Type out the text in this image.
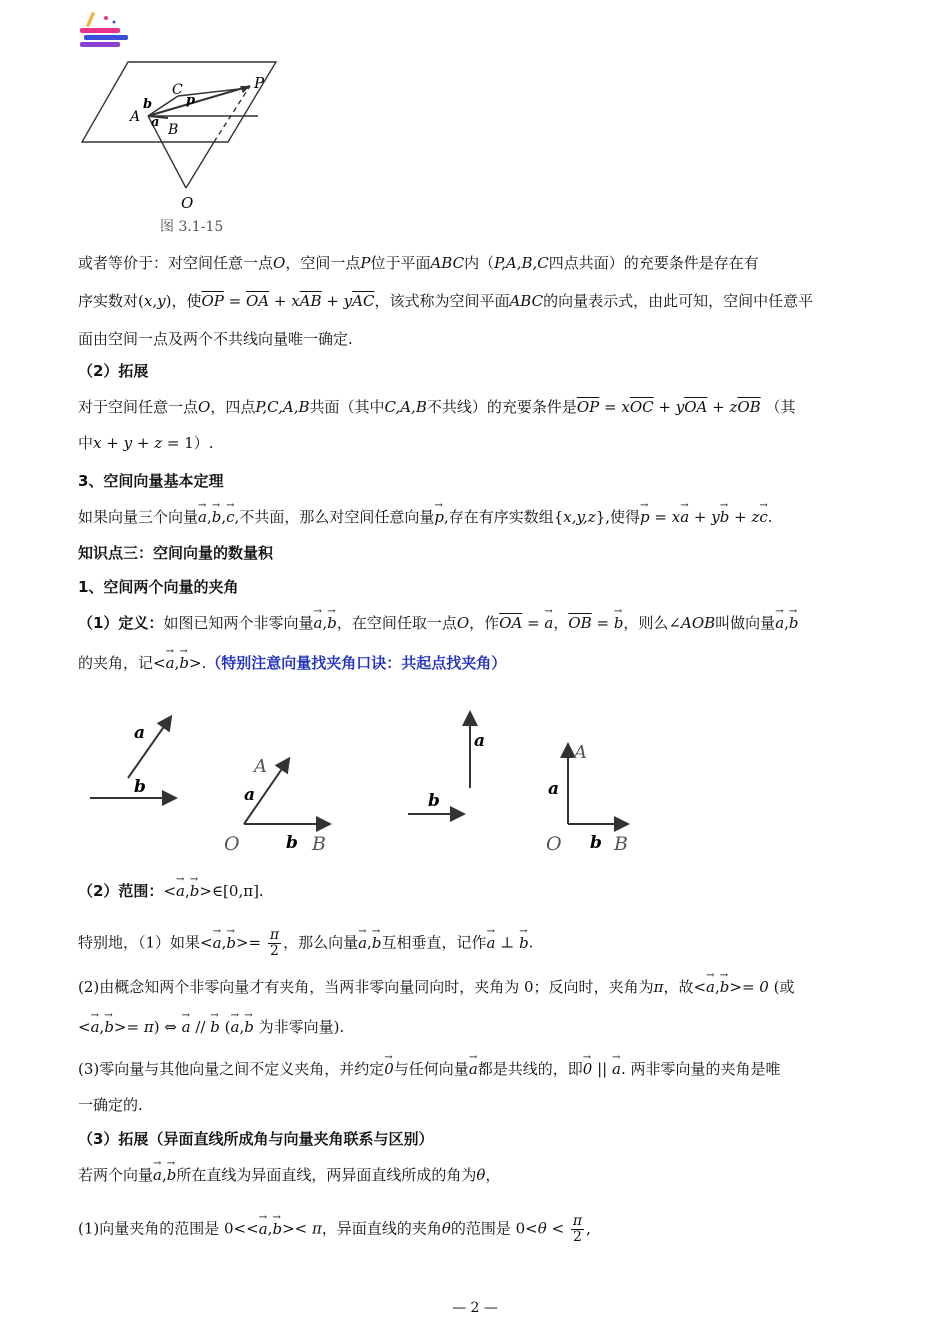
P
C
A
B
O
a
b	p
图 3.1-15
或者等价于：对空间任意一点O，空间一点P位于平面ABC内（P,A,B,C四点共面）的充要条件是存在有
序实数对(x,y)，使$\overline{OP} = \overline{OA} + x\overline{AB} + y\overline{AC}$，该式称为空间平面ABC的向量表示式，由此可知，空间中任意平
面由空间一点及两个不共线向量唯一确定.
（2）拓展
对于空间任意一点O，四点P,C,A,B共面（其中C,A,B不共线）的充要条件是$\overline{OP} = x\overline{OC} + y\overline{OA} + z\overline{OB}$ （其
中x + y + z = 1）.
3、空间向量基本定理
如果向量三个向量→ a,→ b,→ c,不共面，那么对空间任意向量→ p,存在有序实数组{x,y,z},使得→ p = x→ a + y→ b + z→ c.
知识点三：空间向量的数量积
1、空间两个向量的夹角
（1）定义：如图已知两个非零向量→ a,→ b，在空间任取一点O，作$\overline{OA}$ = → a，$\overline{OB}$ = → b，则么∠AOB叫做向量→ a,→ b
的夹角，记<→ a,→ b>.（特别注意向量找夹角口诀：共起点找夹角）
a
b
A
a
O	b B
a
b
A
a
O b B
（2）范围：<→ a,→ b>∈[0,π].
特别地，（1）如果<→ $a,\to b>= \frac{\pi}{2}$ ，那么向量→ a,→ b互相垂直，记作→ a ⊥ → b.
(2)由概念知两个非零向量才有夹角，当两非零向量同向时，夹角为 0；反向时，夹角为π，故<→ a,→ b>= 0 (或
<→ a,→ b>= π) ⇔ → a // → b (→ a,→ b 为非零向量).
(3)零向量与其他向量之间不定义夹角，并约定→ 0与任何向量→ a都是共线的，即→ 0 || → a. 两非零向量的夹角是唯
一确定的.
（3）拓展（异面直线所成角与向量夹角联系与区别）
若两个向量→ a,→ b所在直线为异面直线，两异面直线所成的角为θ，
(1)向量夹角的范围是 0<<→ a,→ b>< π，异面直线的夹角θ的范围是 $0<\theta < \frac{\pi}{2}$ ,
— 2 —
